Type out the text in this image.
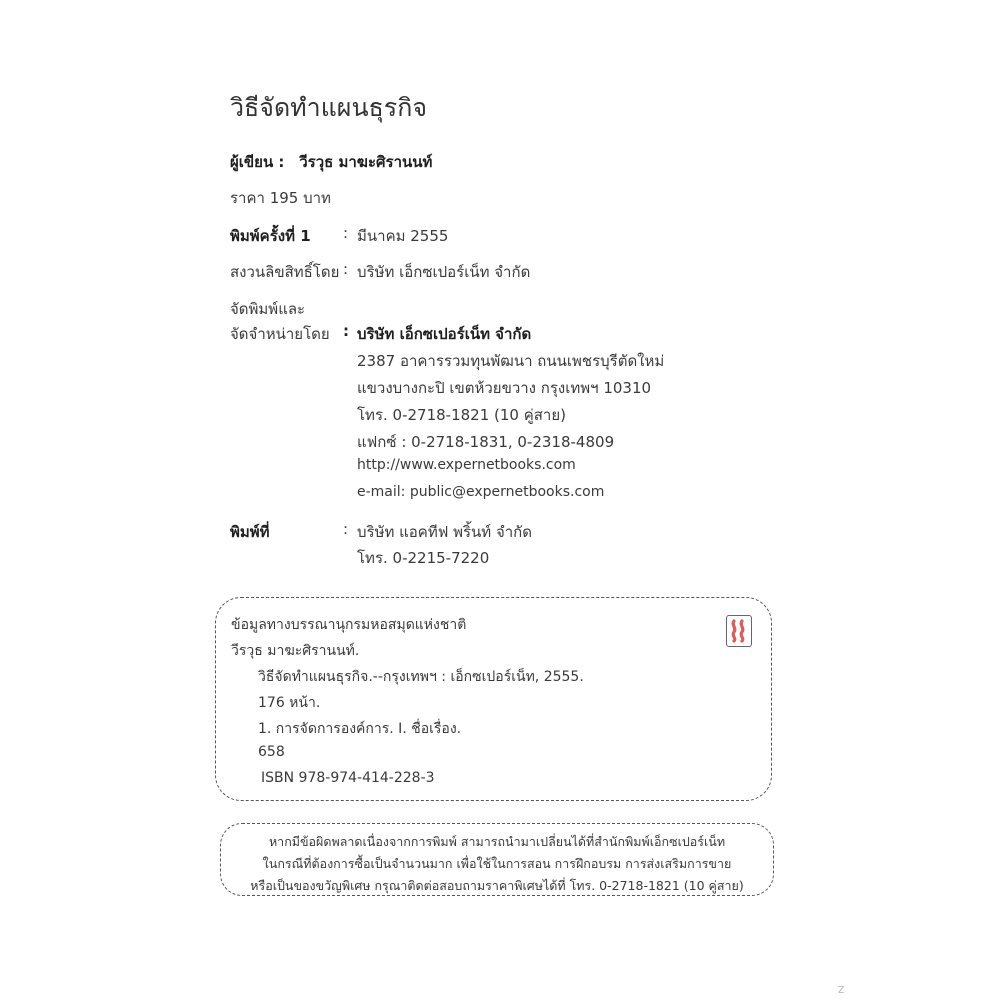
วิธีจัดทำแผนธุรกิจ
ผู้เขียน : วีรวุธ มาฆะศิรานนท์
ราคา 195 บาท
พิมพ์ครั้งที่ 1 : มีนาคม 2555
สงวนลิขสิทธิ์โดย : บริษัท เอ็กซเปอร์เน็ท จำกัด
จัดพิมพ์และ
จัดจำหน่ายโดย : บริษัท เอ็กซเปอร์เน็ท จำกัด
2387 อาคารรวมทุนพัฒนา ถนนเพชรบุรีตัดใหม่
แขวงบางกะปิ เขตห้วยขวาง กรุงเทพฯ 10310
โทร. 0-2718-1821 (10 คู่สาย)
แฟกซ์ : 0-2718-1831, 0-2318-4809
http://www.expernetbooks.com
e-mail: public@expernetbooks.com
พิมพ์ที่	: บริษัท แอคทีฟ พริ้นท์ จำกัด
โทร. 0-2215-7220
ข้อมูลทางบรรณานุกรมหอสมุดแห่งชาติ
วีรวุธ มาฆะศิรานนท์.
วิธีจัดทำแผนธุรกิจ.--กรุงเทพฯ : เอ็กซเปอร์เน็ท, 2555.
176 หน้า.
1. การจัดการองค์การ. I. ชื่อเรื่อง.
658
ISBN 978-974-414-228-3
หากมีข้อผิดพลาดเนื่องจากการพิมพ์ สามารถนำมาเปลี่ยนได้ที่สำนักพิมพ์เอ็กซเปอร์เน็ท
ในกรณีที่ต้องการซื้อเป็นจำนวนมาก เพื่อใช้ในการสอน การฝึกอบรม การส่งเสริมการขาย
หรือเป็นของขวัญพิเศษ กรุณาติดต่อสอบถามราคาพิเศษได้ที่ โทร. 0-2718-1821 (10 คู่สาย)
z
